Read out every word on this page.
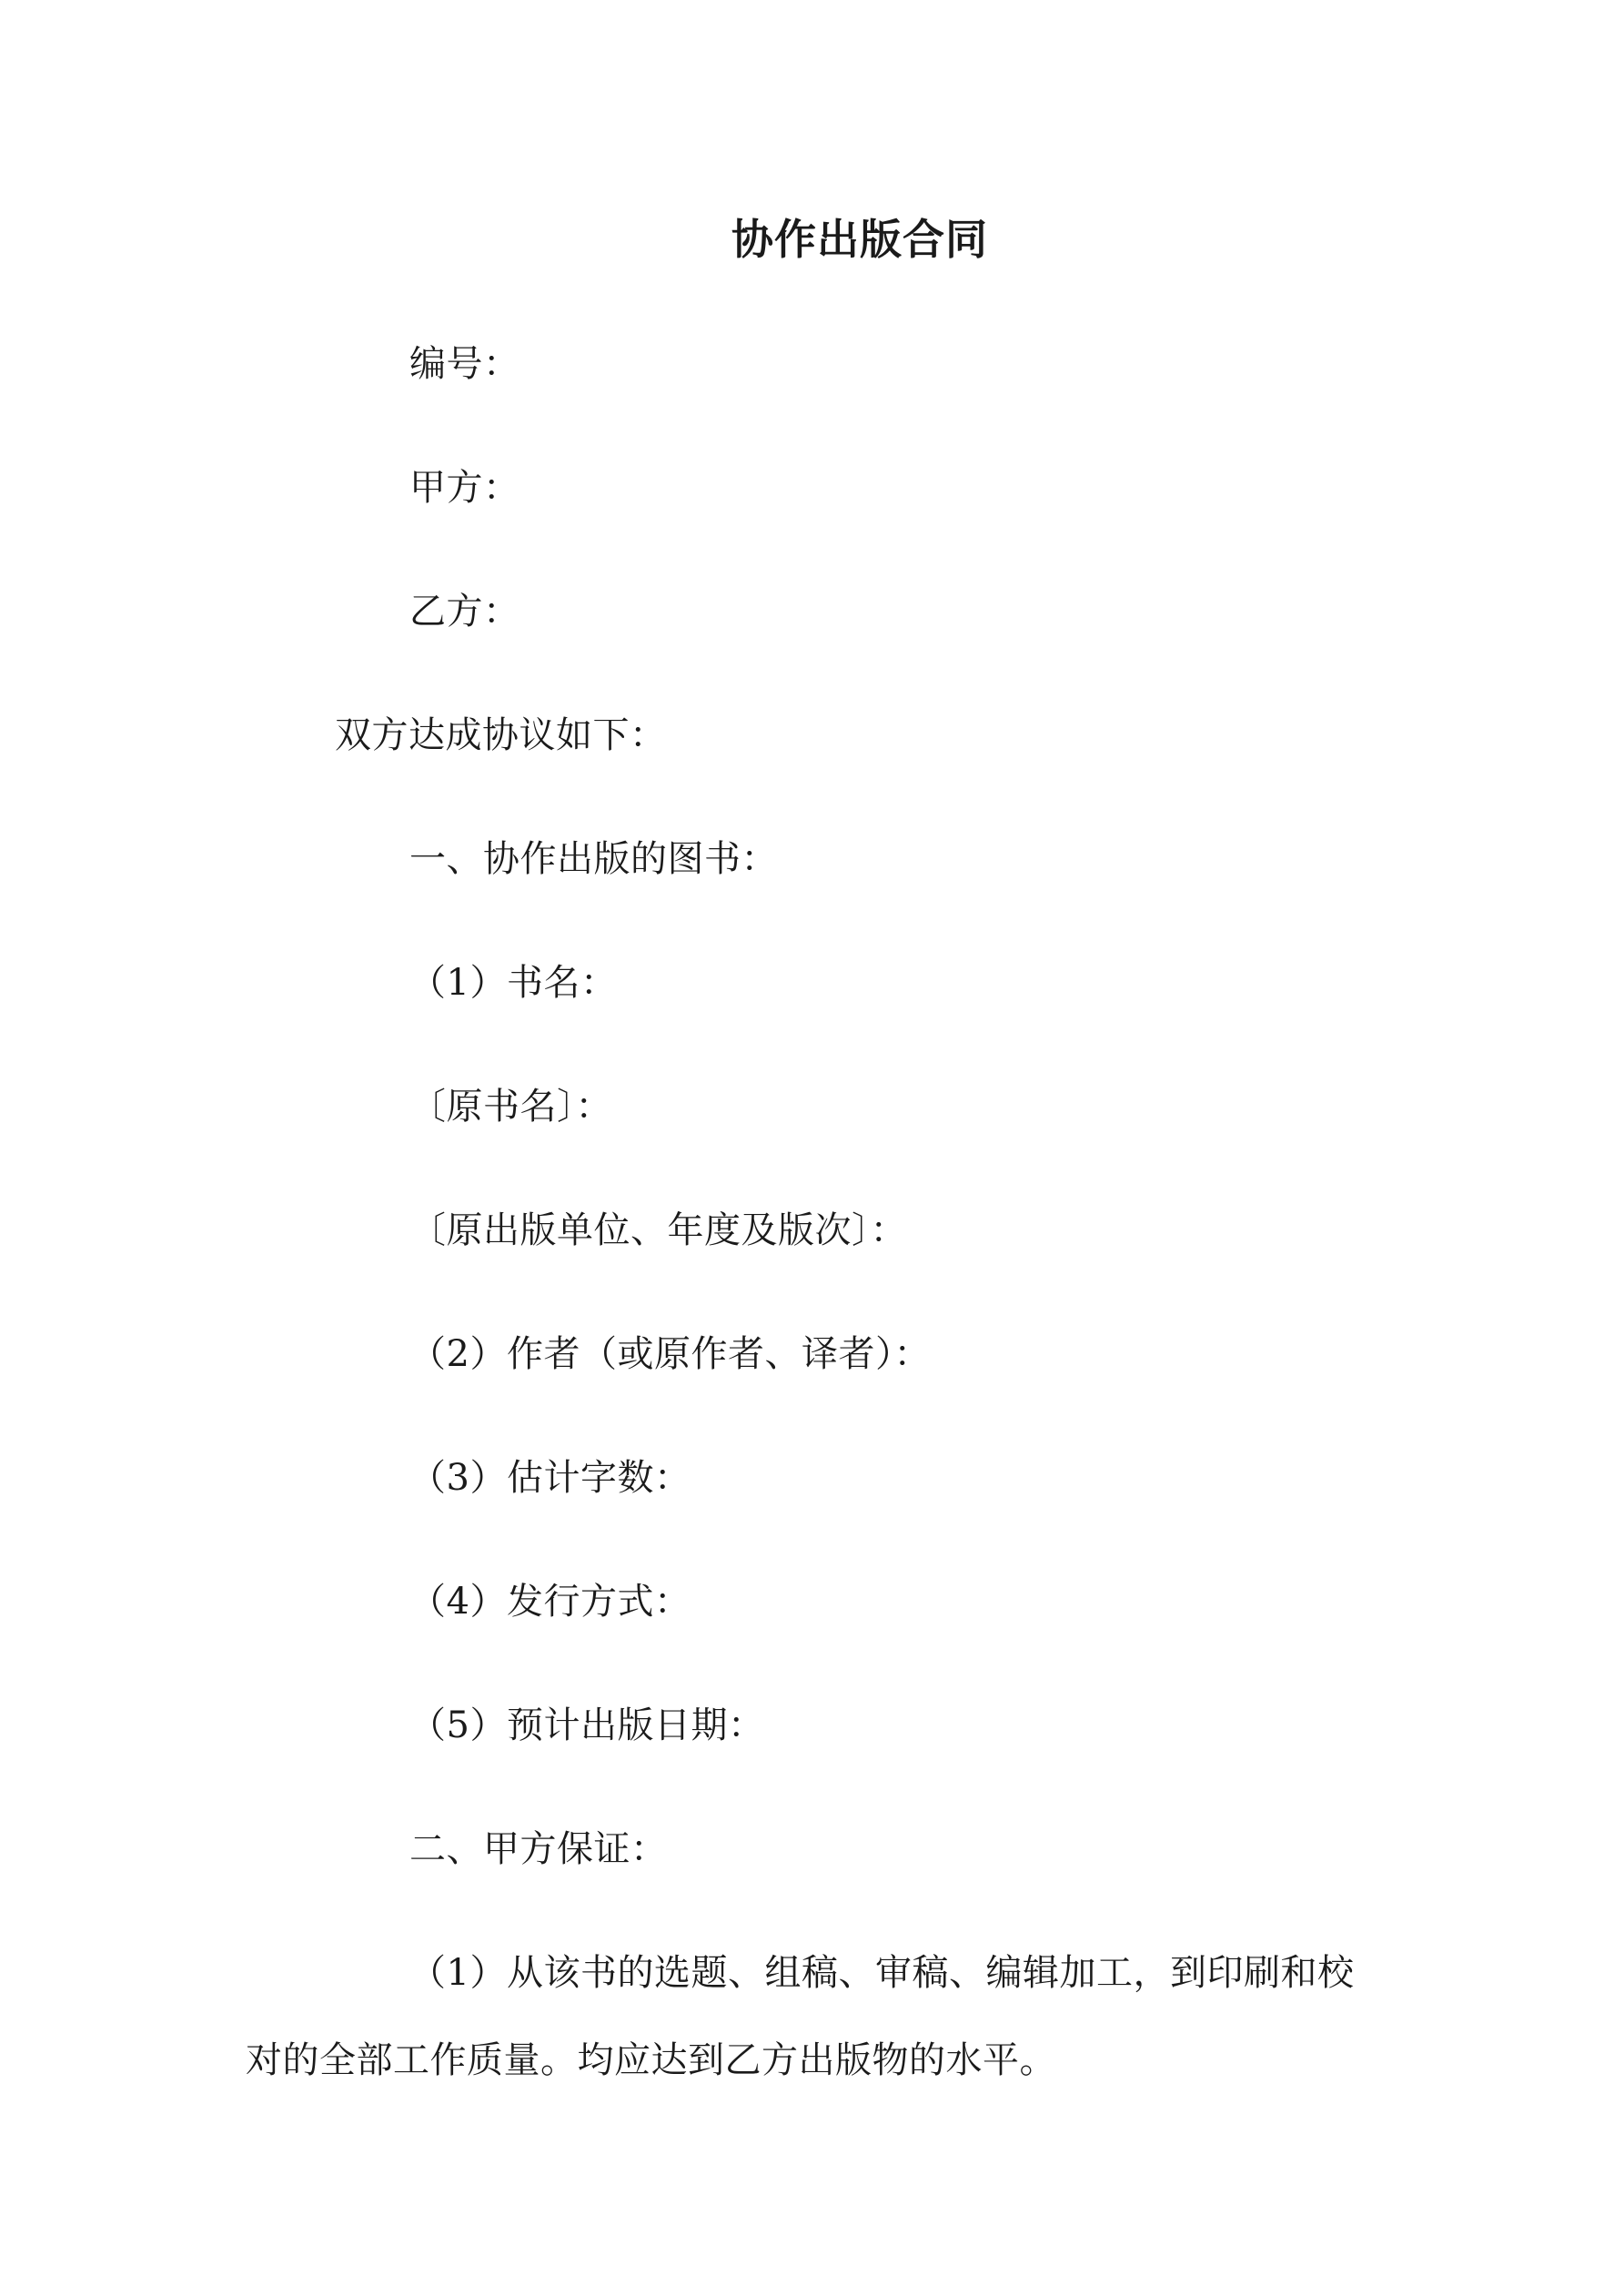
协作出版合同
编号：
甲方：
乙方：
双方达成协议如下：
一、协作出版的图书：
（1）书名：
〔原书名〕：
〔原出版单位、年度及版次〕：
（2）作者（或原作者、译者）：
（3）估计字数：
（4）发行方式：
（5）预计出版日期：
二、甲方保证：
（1）从该书的选题、组稿、审稿、编辑加工，到印刷和校
对的全部工作质量。均应达到乙方出版物的水平。
